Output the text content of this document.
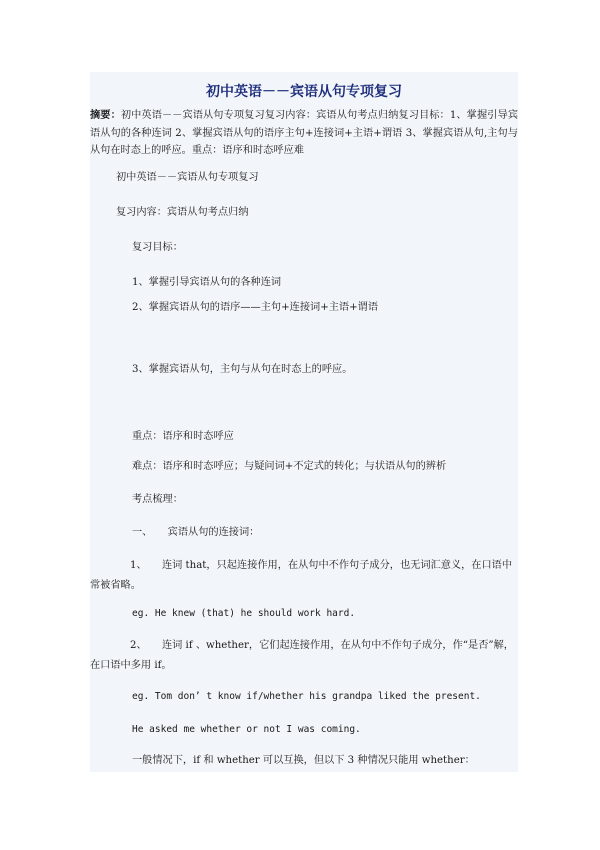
初中英语－－宾语从句专项复习
摘要：初中英语－－宾语从句专项复习复习内容：宾语从句考点归纳复习目标：1、掌握引导宾语从句的各种连词 2、掌握宾语从句的语序主句+连接词+主语+谓语 3、掌握宾语从句,主句与从句在时态上的呼应。重点：语序和时态呼应难
初中英语－－宾语从句专项复习
复习内容：宾语从句考点归纳
复习目标：
1、掌握引导宾语从句的各种连词
2、掌握宾语从句的语序——主句+连接词+主语+谓语
3、掌握宾语从句，主句与从句在时态上的呼应。
重点：语序和时态呼应
难点：语序和时态呼应；与疑问词+不定式的转化；与状语从句的辨析
考点梳理：
一、　　宾语从句的连接词：
1、　　连词 that，只起连接作用，在从句中不作句子成分，也无词汇意义，在口语中常被省略。
eg. He knew (that) he should work hard.
2、　　连词 if 、whether，它们起连接作用，在从句中不作句子成分，作“是否”解，在口语中多用 if。
eg. Tom don’ t know if/whether his grandpa liked the present.
He asked me whether or not I was coming.
一般情况下，if 和 whether 可以互换，但以下 3 种情况只能用 whether：
